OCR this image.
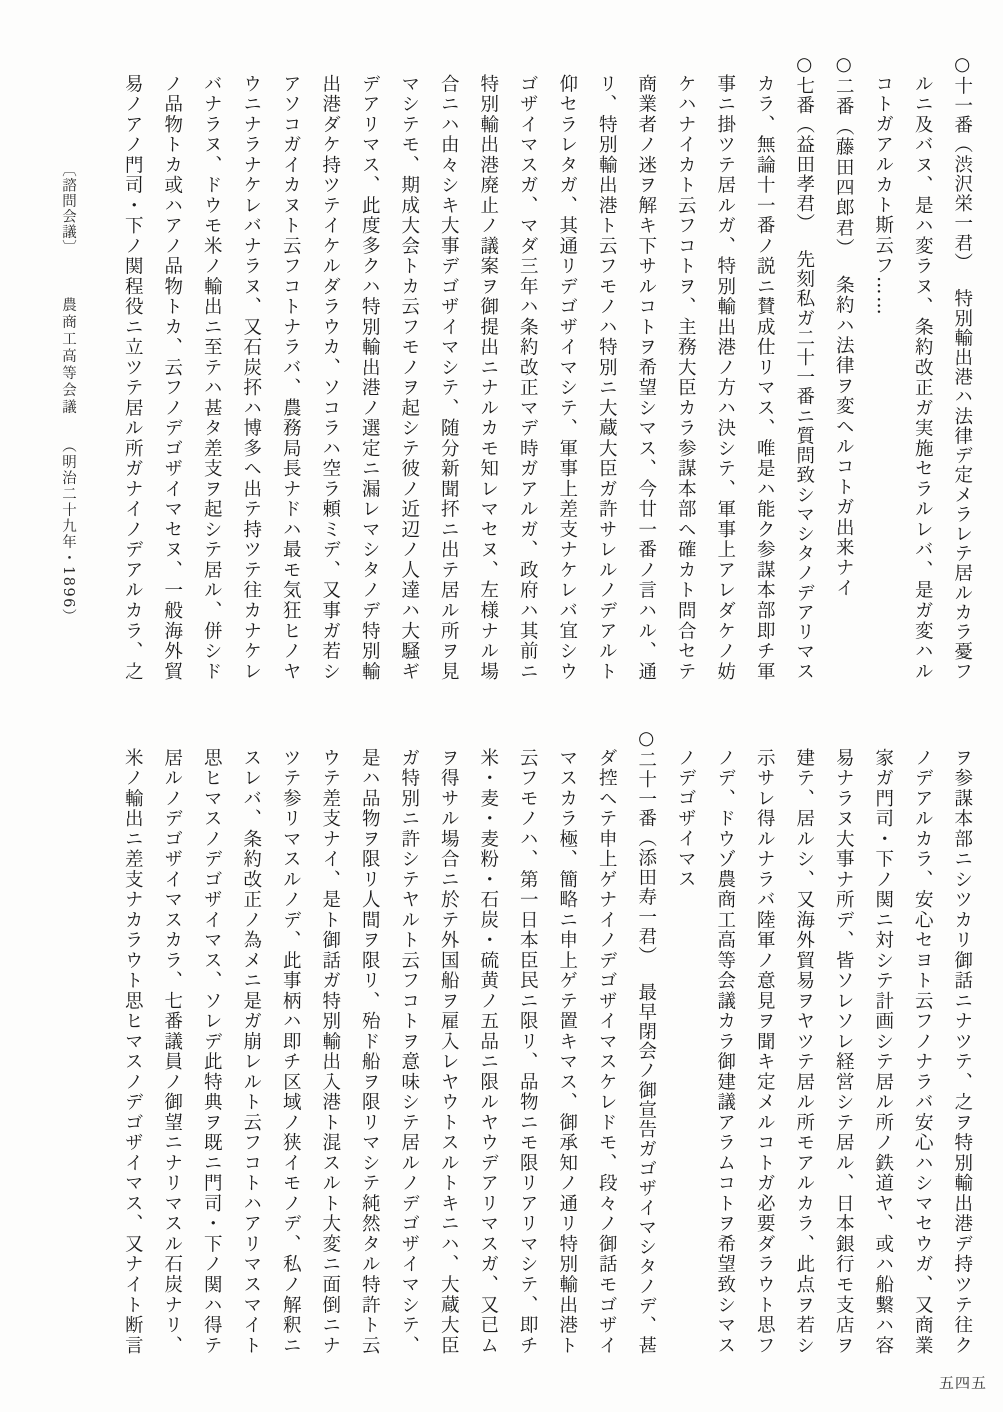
〔諮問会議〕農商工高等会議（明治二十九年・1896）
○十一番（渋沢栄一君）特別輸出港ハ法律デ定メラレテ居ルカラ憂フ
ルニ及バヌ、是ハ変ラヌ、条約改正ガ実施セラルレバ、是ガ変ハル
コトガアルカト斯云フ……
○二番（藤田四郎君）条約ハ法律ヲ変ヘルコトガ出来ナイ
○七番（益田孝君）先刻私ガ二十一番ニ質問致シマシタノデアリマス
カラ、無論十一番ノ説ニ賛成仕リマス、唯是ハ能ク参謀本部即チ軍
事ニ掛ツテ居ルガ、特別輸出港ノ方ハ決シテ、軍事上アレダケノ妨
ケハナイカト云フコトヲ、主務大臣カラ参謀本部ヘ確カト問合セテ
商業者ノ迷ヲ解キ下サルコトヲ希望シマス、今廿一番ノ言ハル、通
リ、特別輸出港ト云フモノハ特別ニ大蔵大臣ガ許サレルノデアルト
仰セラレタガ、其通リデゴザイマシテ、軍事上差支ナケレバ宜シウ
ゴザイマスガ、マダ三年ハ条約改正マデ時ガアルガ、政府ハ其前ニ
特別輸出港廃止ノ議案ヲ御提出ニナルカモ知レマセヌ、左様ナル場
合ニハ由々シキ大事デゴザイマシテ、随分新聞抔ニ出テ居ル所ヲ見
マシテモ、期成大会トカ云フモノヲ起シテ彼ノ近辺ノ人達ハ大騒ギ
デアリマス、此度多クハ特別輸出港ノ選定ニ漏レマシタノデ特別輸
出港ダケ持ツテイケルダラウカ、ソコラハ空ラ頼ミデ、又事ガ若シ
アソコガイカヌト云フコトナラバ、農務局長ナドハ最モ気狂ヒノヤ
ウニナラナケレバナラヌ、又石炭抔ハ博多ヘ出テ持ツテ往カナケレ
バナラヌ、ドウモ米ノ輸出ニ至テハ甚タ差支ヲ起シテ居ル、併シド
ノ品物トカ或ハアノ品物トカ、云フノデゴザイマセヌ、一般海外貿
易ノアノ門司・下ノ関程役ニ立ツテ居ル所ガナイノデアルカラ、之
ヲ参謀本部ニシツカリ御話ニナツテ、之ヲ特別輸出港デ持ツテ往ク
ノデアルカラ、安心セヨト云フノナラバ安心ハシマセウガ、又商業
家ガ門司・下ノ関ニ対シテ計画シテ居ル所ノ鉄道ヤ、或ハ船繋ハ容
易ナラヌ大事ナ所デ、皆ソレソレ経営シテ居ル、日本銀行モ支店ヲ
建テ、居ルシ、又海外貿易ヲヤツテ居ル所モアルカラ、此点ヲ若シ
示サレ得ルナラバ陸軍ノ意見ヲ聞キ定メルコトガ必要ダラウト思フ
ノデ、ドウゾ農商工高等会議カラ御建議アラムコトヲ希望致シマス
ノデゴザイマス
○二十一番（添田寿一君）最早閉会ノ御宣告ガゴザイマシタノデ、甚
ダ控ヘテ申上ゲナイノデゴザイマスケレドモ、段々ノ御話モゴザイ
マスカラ極、簡略ニ申上ゲテ置キマス、御承知ノ通リ特別輸出港ト
云フモノハ、第一日本臣民ニ限リ、品物ニモ限リアリマシテ、即チ
米・麦・麦粉・石炭・硫黄ノ五品ニ限ルヤウデアリマスガ、又已ム
ヲ得サル場合ニ於テ外国船ヲ雇入レヤウトスルトキニハ、大蔵大臣
ガ特別ニ許シテヤルト云フコトヲ意味シテ居ルノデゴザイマシテ、
是ハ品物ヲ限リ人間ヲ限リ、殆ド船ヲ限リマシテ純然タル特許ト云
ウテ差支ナイ、是ト御話ガ特別輸出入港ト混スルト大変ニ面倒ニナ
ツテ参リマスルノデ、此事柄ハ即チ区域ノ狭イモノデ、私ノ解釈ニ
スレバ、条約改正ノ為メニ是ガ崩レルト云フコトハアリマスマイト
思ヒマスノデゴザイマス、ソレデ此特典ヲ既ニ門司・下ノ関ハ得テ
居ルノデゴザイマスカラ、七番議員ノ御望ニナリマスル石炭ナリ、
米ノ輸出ニ差支ナカラウト思ヒマスノデゴザイマス、又ナイト断言
五四五
